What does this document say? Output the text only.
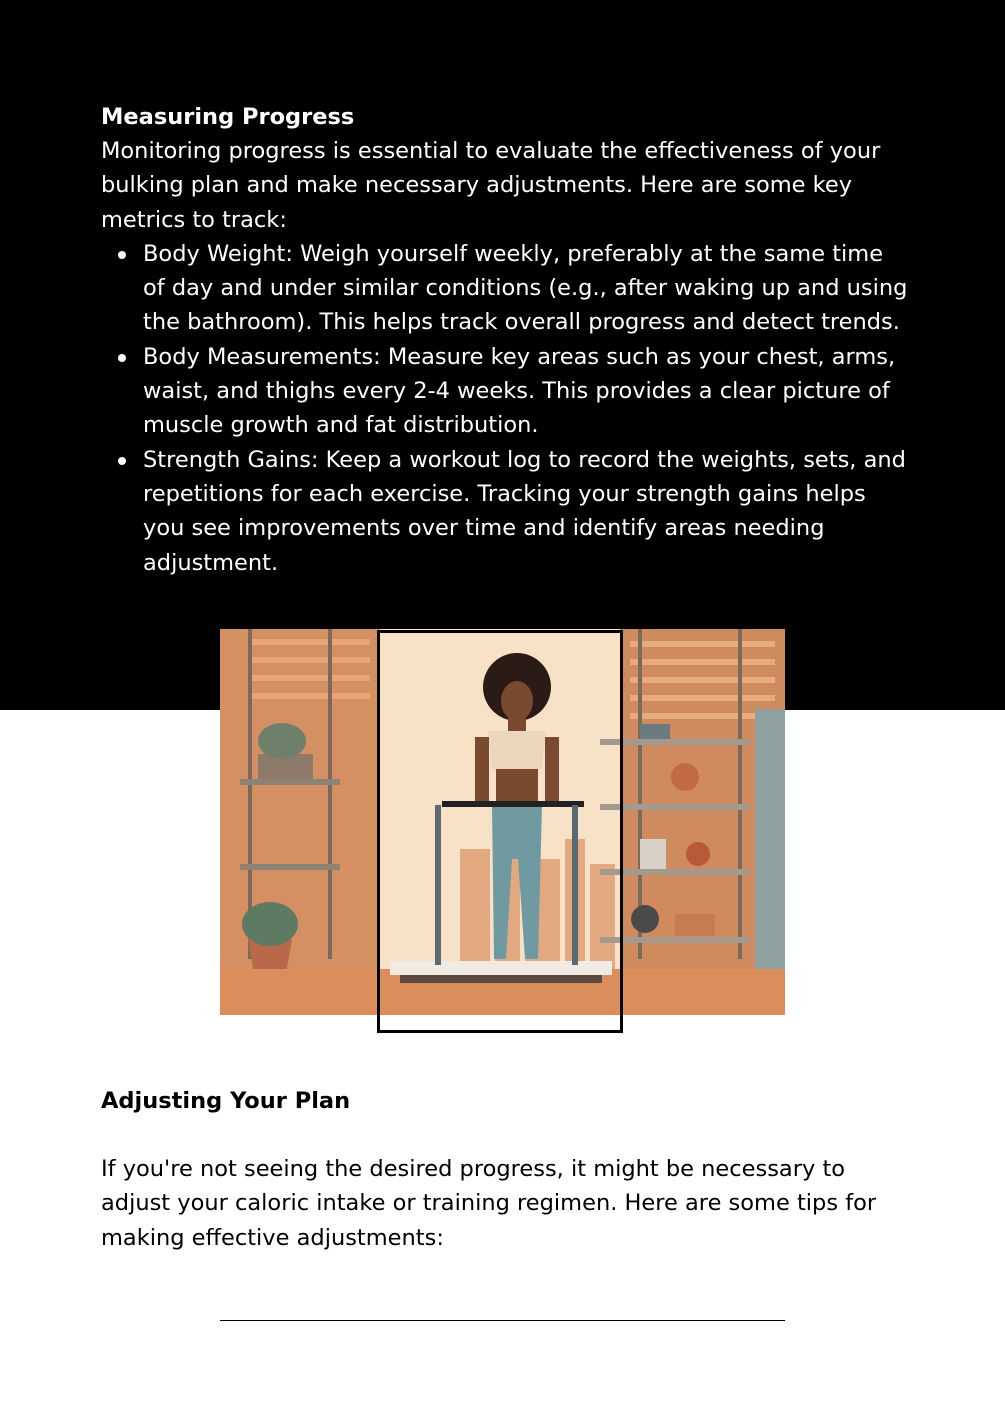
Measuring Progress

Monitoring progress is essential to evaluate the effectiveness of your bulking plan and make necessary adjustments. Here are some key metrics to track:

Body Weight: Weigh yourself weekly, preferably at the same time of day and under similar conditions (e.g., after waking up and using the bathroom). This helps track overall progress and detect trends.
Body Measurements: Measure key areas such as your chest, arms, waist, and thighs every 2-4 weeks. This provides a clear picture of muscle growth and fat distribution.
Strength Gains: Keep a workout log to record the weights, sets, and repetitions for each exercise. Tracking your strength gains helps you see improvements over time and identify areas needing adjustment.

Adjusting Your Plan

If you're not seeing the desired progress, it might be necessary to adjust your caloric intake or training regimen. Here are some tips for making effective adjustments:
